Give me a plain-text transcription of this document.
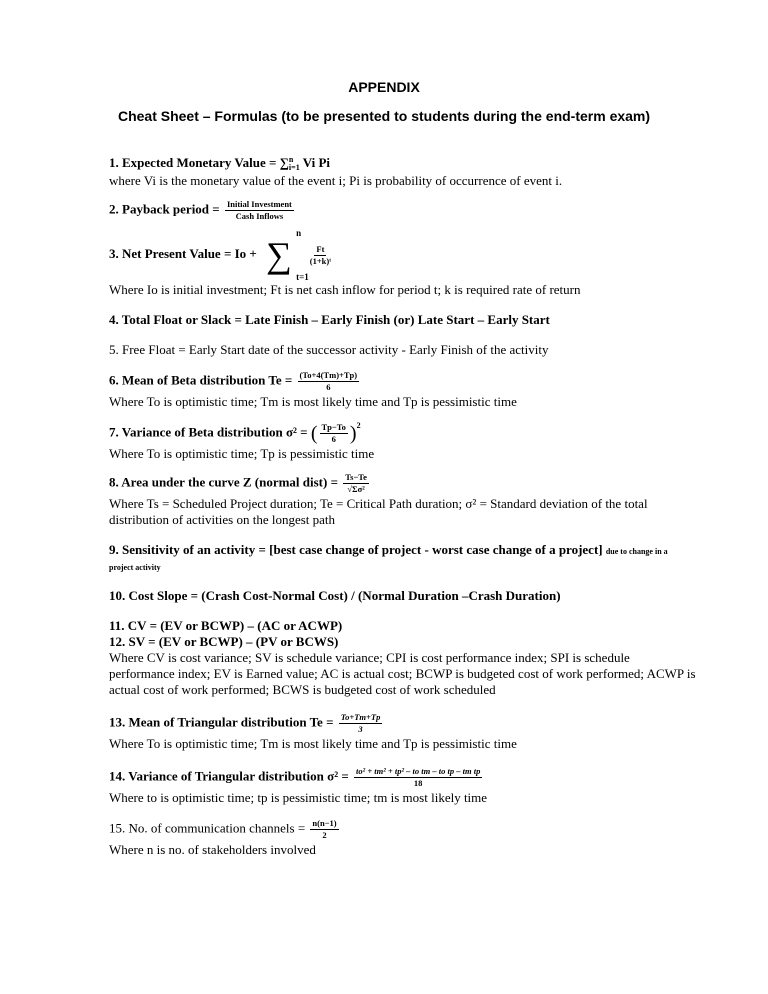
APPENDIX
Cheat Sheet – Formulas (to be presented to students during the end-term exam)
1. Expected Monetary Value = ∑ n
i=1 Vi Pi
where Vi is the monetary value of the event i; Pi is probability of occurrence of event i.
2. Payback period = $\frac{\text{Initial Investment}}{\text{Cash Inflows}}$
3. Net Present Value = Io +
n
∑ $\frac{Ft}{\text{(1+k)ᵗ}}$
t=1
Where Io is initial investment; Ft is net cash inflow for period t; k is required rate of return
4. Total Float or Slack = Late Finish – Early Finish (or) Late Start – Early Start
5. Free Float = Early Start date of the successor activity - Early Finish of the activity
6. Mean of Beta distribution $Te = \frac{(To+4(Tm)+Tp)}{6}$
Where To is optimistic time; Tm is most likely time and Tp is pessimistic time
7. Variance of Beta distribution σ² = ( $\frac{Tp-To}{6} )^2$
Where To is optimistic time; Tp is pessimistic time
8. Area under the curve Z (normal dist) = $\frac{Ts-Te}{\text{√Σσ²}}$
Where Ts = Scheduled Project duration; Te = Critical Path duration; σ² = Standard deviation of the total
distribution of activities on the longest path
9. Sensitivity of an activity = [best case change of project - worst case change of a project] due to change in a
project activity
10. Cost Slope = (Crash Cost-Normal Cost) / (Normal Duration –Crash Duration)
11. CV = (EV or BCWP) – (AC or ACWP)
12. SV = (EV or BCWP) – (PV or BCWS)
Where CV is cost variance; SV is schedule variance; CPI is cost performance index; SPI is schedule
performance index; EV is Earned value; AC is actual cost; BCWP is budgeted cost of work performed; ACWP is
actual cost of work performed; BCWS is budgeted cost of work scheduled
13. Mean of Triangular distribution $Te = \frac{To+Tm+Tp}{3}$
Where To is optimistic time; Tm is most likely time and Tp is pessimistic time
14. Variance of Triangular distribution $\sigma^2 = \frac{\text{to² + tm² + tp² – to tm – to tp – tm tp}}{18}$
Where to is optimistic time; tp is pessimistic time; tm is most likely time
15. No. of communication channels = $\frac{n(n-1)}{2}$
Where n is no. of stakeholders involved
